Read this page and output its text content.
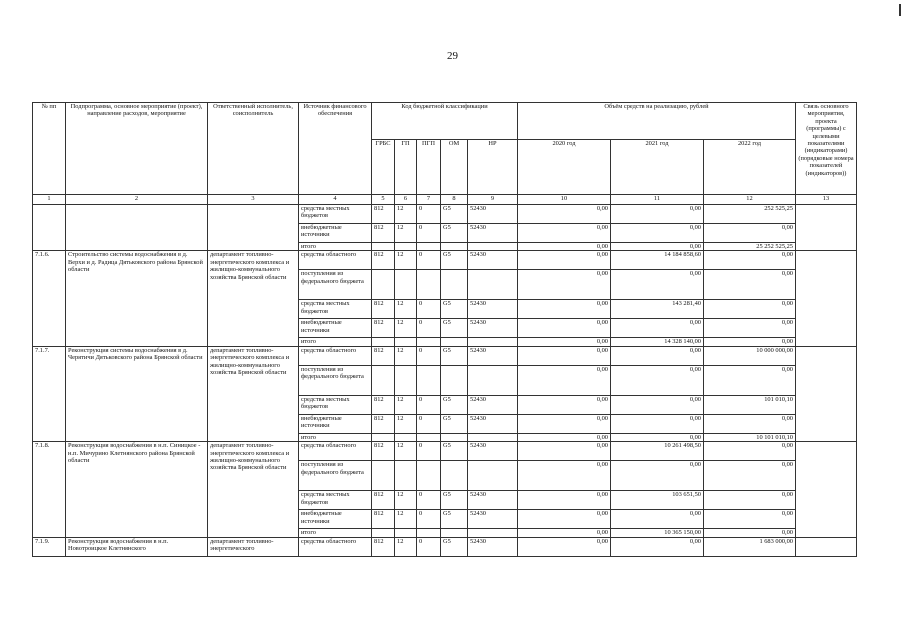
29
№ пп	Подпрограмма, основное мероприятие (проект), направление расходов, мероприятие	Ответственный исполнитель, соисполнитель	Источник финансового обеспечения	Код бюджетной классификации					Объём средств на реализацию, рублей			Связь основного мероприятия, проекта (программы) с целевыми показателями (индикаторами) (порядковые номера показателей (индикаторов))
				ГРБС	ГП	ПГП	ОМ	НР	2020 год	2021 год	2022 год	
1	2	3	4	5	6	7	8	9	10	11	12	13
			средства местных бюджетов	812	12	0	G5	52430	0,00	0,00	252 525,25	
			внебюджетные источники	812	12	0	G5	52430	0,00	0,00	0,00	
			итого						0,00	0,00	25 252 525,25	
7.1.6.	Строительство системы водоснабжения в д. Верхи и д. Радица Дятьковского района Брянской области	департамент топливно-энергетического комплекса и жилищно-коммунального хозяйства Брянской области	средства областного	812	12	0	G5	52430	0,00	14 184 858,60	0,00	
			поступления из федерального бюджета						0,00	0,00	0,00	
			средства местных бюджетов	812	12	0	G5	52430	0,00	143 281,40	0,00	
			внебюджетные источники	812	12	0	G5	52430	0,00	0,00	0,00	
			итого						0,00	14 328 140,00	0,00	
7.1.7.	Реконструкция системы водоснабжения в д. Черятичи Дятьковского района Брянской области	департамент топливно-энергетического комплекса и жилищно-коммунального хозяйства Брянской области	средства областного	812	12	0	G5	52430	0,00	0,00	10 000 000,00	
			поступления из федерального бюджета						0,00	0,00	0,00	
			средства местных бюджетов	812	12	0	G5	52430	0,00	0,00	101 010,10	
			внебюджетные источники	812	12	0	G5	52430	0,00	0,00	0,00	
			итого						0,00	0,00	10 101 010,10	
7.1.8.	Реконструкция водоснабжения в н.п. Синицкое - н.п. Мичурино Клетнянского района Брянской области	департамент топливно-энергетического комплекса и жилищно-коммунального хозяйства Брянской области	средства областного	812	12	0	G5	52430	0,00	10 261 498,50	0,00	
			поступления из федерального бюджета						0,00	0,00	0,00	
			средства местных бюджетов	812	12	0	G5	52430	0,00	103 651,50	0,00	
			внебюджетные источники	812	12	0	G5	52430	0,00	0,00	0,00	
			итого						0,00	10 365 150,00	0,00	
7.1.9.	Реконструкция водоснабжения в н.п. Новотроицкое Клетнянского	департамент топливно-энергетического	средства областного	812	12	0	G5	52430	0,00	0,00	1 683 000,00	
